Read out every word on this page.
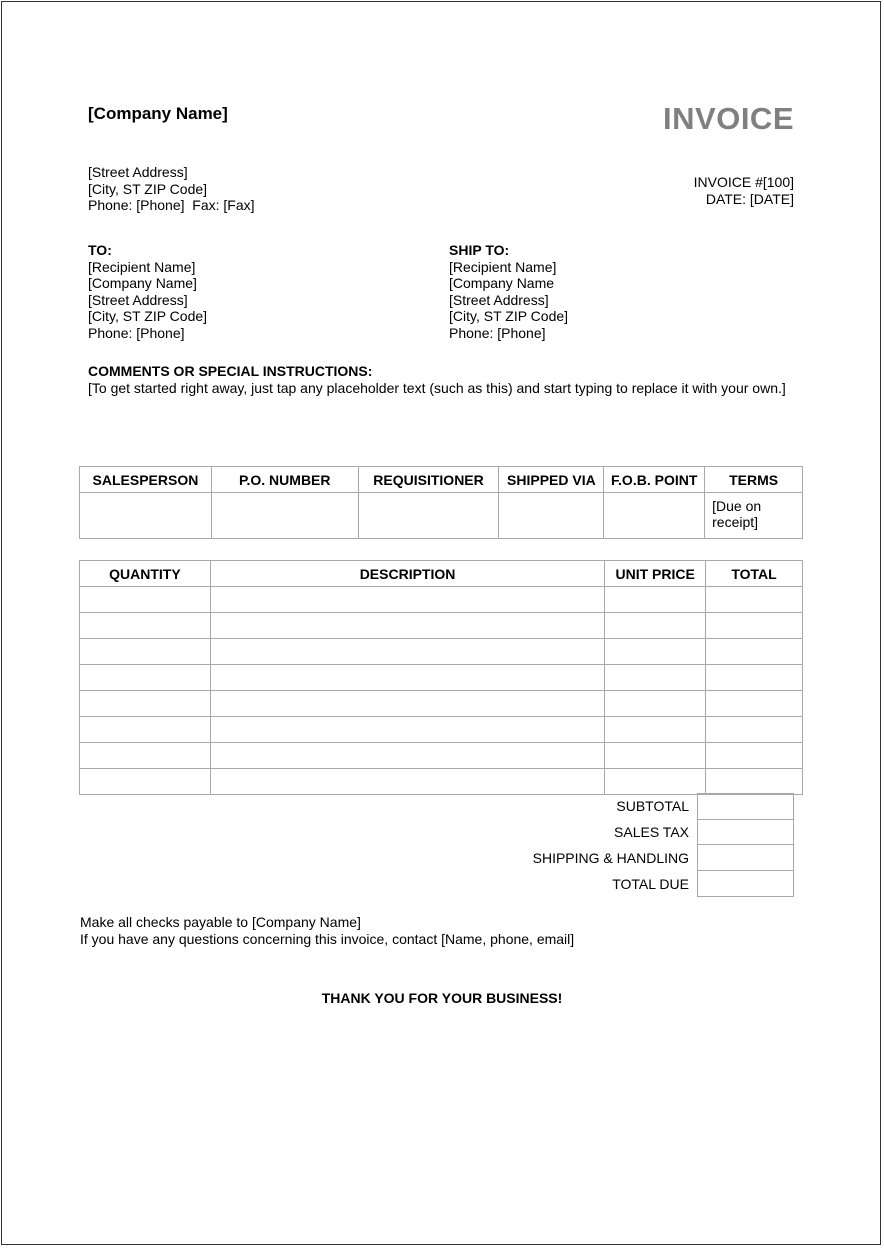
[Company Name]	INVOICE
[Street Address]
[City, ST ZIP Code]
Phone: [Phone]  Fax: [Fax]
INVOICE #[100]
DATE: [DATE]
TO:
[Recipient Name]
[Company Name]
[Street Address]
[City, ST ZIP Code]
Phone: [Phone]
SHIP TO:
[Recipient Name]
[Company Name
[Street Address]
[City, ST ZIP Code]
Phone: [Phone]
COMMENTS OR SPECIAL INSTRUCTIONS:
[To get started right away, just tap any placeholder text (such as this) and start typing to replace it with your own.]
SALESPERSON	P.O. NUMBER	REQUISITIONER	SHIPPED VIA	F.O.B. POINT	TERMS

					[Due on receipt]
QUANTITY	DESCRIPTION	UNIT PRICE	TOTAL

SUBTOTAL
SALES TAX
SHIPPING & HANDLING
TOTAL DUE
Make all checks payable to [Company Name]
If you have any questions concerning this invoice, contact [Name, phone, email]
THANK YOU FOR YOUR BUSINESS!
